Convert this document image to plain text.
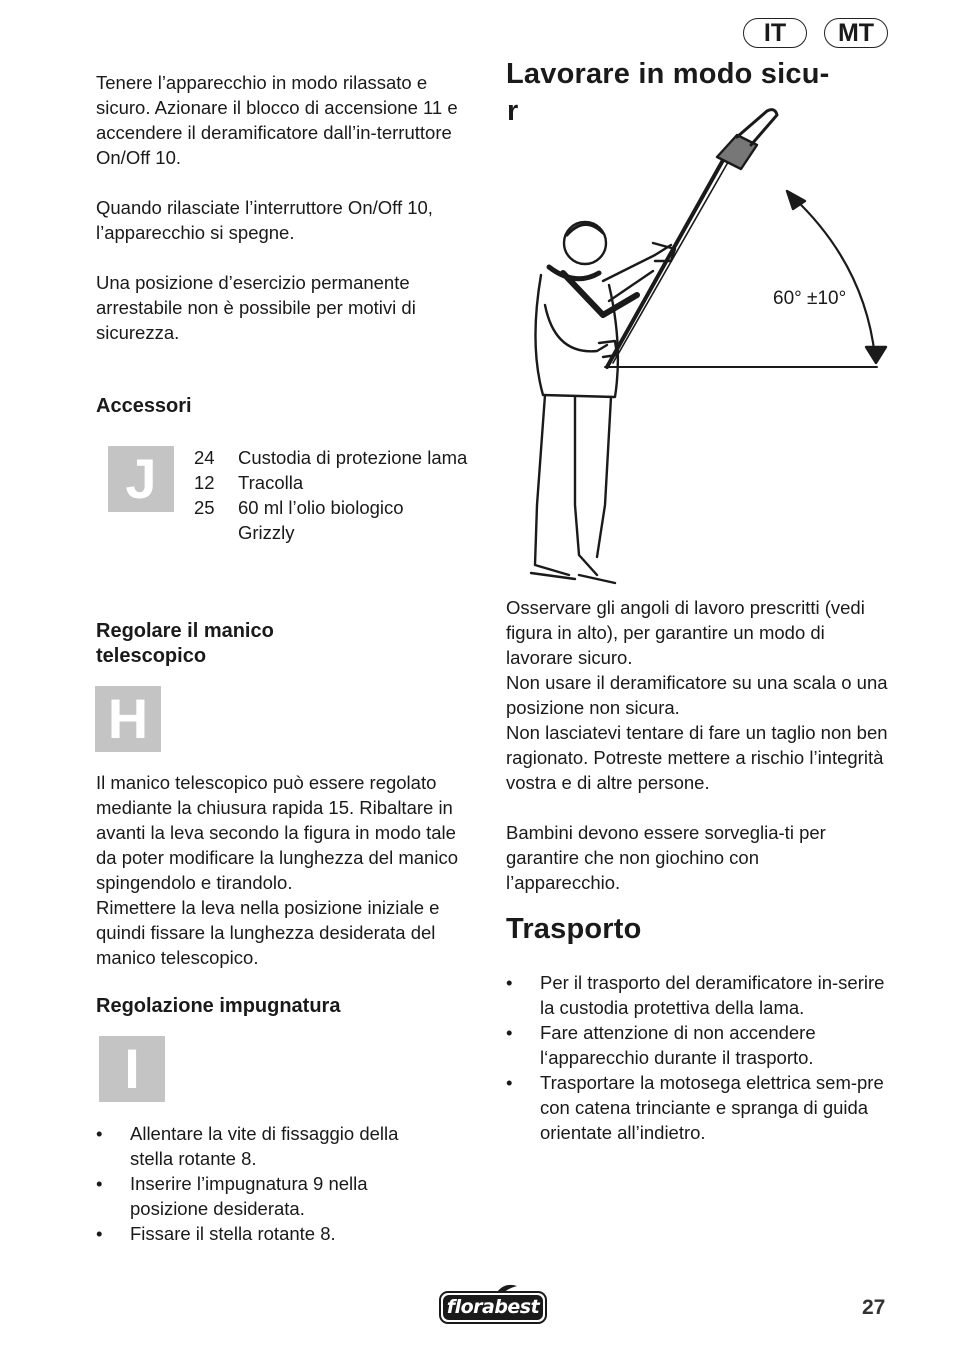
IT	MT

Tenere l’apparecchio in modo rilassato e sicuro. Azionare il blocco di accensione 11 e accendere il deramificatore dall’in-terruttore On/Off 10.

Quando rilasciate l’interruttore On/Off 10, l’apparecchio si spegne.

Una posizione d’esercizio permanente arrestabile non è possibile per motivi di sicurezza.

Accessori
J	24	Custodia di protezione lama
12	Tracolla
25	60 ml l’olio biologico Grizzly
Regolare il manico telescopico
H

Il manico telescopico può essere regolato mediante la chiusura rapida 15. Ribaltare in avanti la leva secondo la figura in modo tale da poter modificare la lunghezza del manico spingendolo e tirandolo.

Rimettere la leva nella posizione iniziale e quindi fissare la lunghezza desiderata del manico telescopico.

Regolazione impugnatura
I
• Allentare la vite di fissaggio della stella rotante 8.
• Inserire l’impugnatura 9 nella posizione desiderata.
• Fissare il stella rotante 8.
Lavorare in modo sicu-
r
60° ±10°

Osservare gli angoli di lavoro prescritti (vedi figura in alto), per garantire un modo di lavorare sicuro.

Non usare il deramificatore su una scala o una posizione non sicura.

Non lasciatevi tentare di fare un taglio non ben ragionato. Potreste mettere a rischio l’integrità vostra e di altre persone.

Bambini devono essere sorveglia-ti per garantire che non giochino con l’apparecchio.

Trasporto
• Per il trasporto del deramificatore in-serire la custodia protettiva della lama.
• Fare attenzione di non accendere l‘apparecchio durante il trasporto.
• Trasportare la motosega elettrica sem-pre con catena trinciante e spranga di guida orientate all’indietro.
florabest	27
